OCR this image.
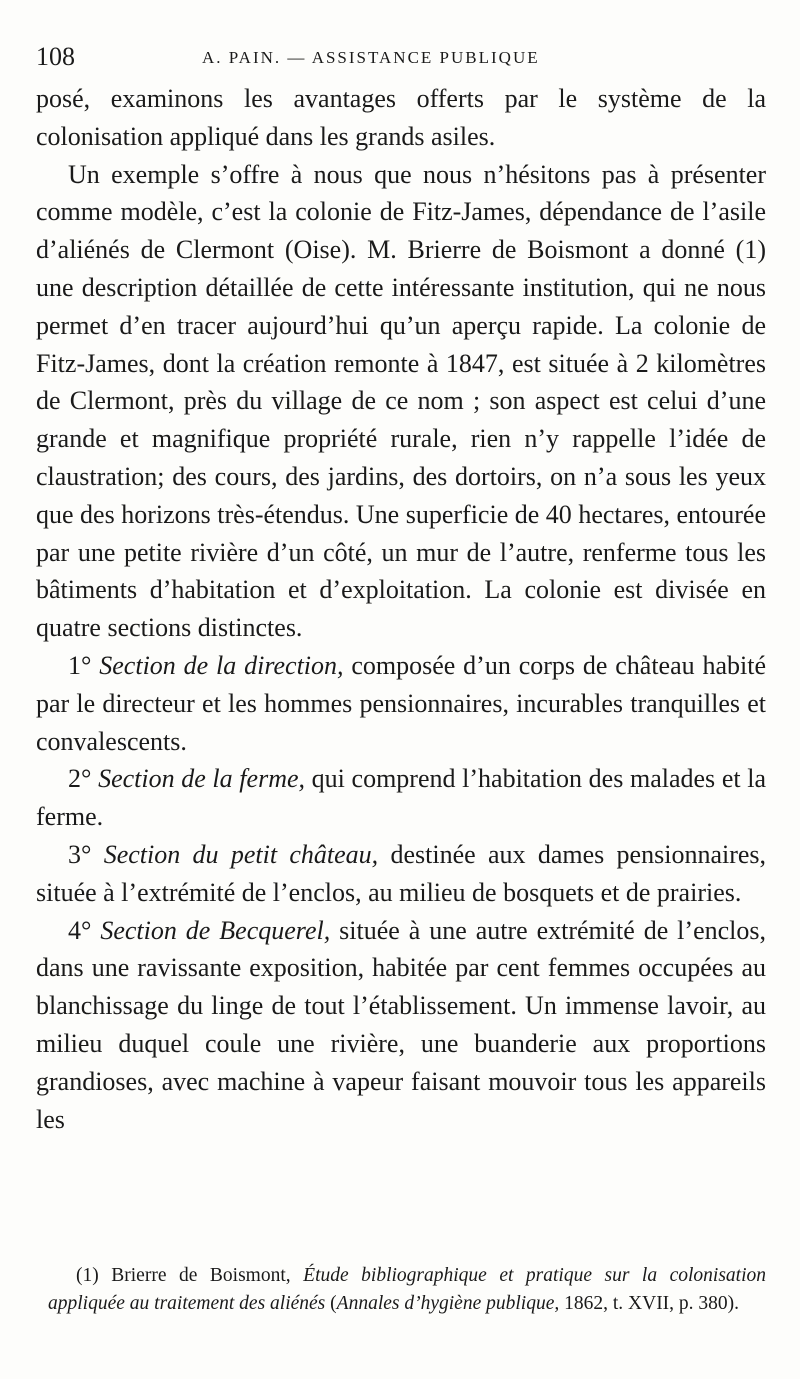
108	A. PAIN. — ASSISTANCE PUBLIQUE

posé, examinons les avantages offerts par le système de la colonisation appliqué dans les grands asiles.

Un exemple s’offre à nous que nous n’hésitons pas à présenter comme modèle, c’est la colonie de Fitz-James, dépendance de l’asile d’aliénés de Clermont (Oise). M. Brierre de Boismont a donné (1) une description détaillée de cette intéressante institution, qui ne nous permet d’en tracer aujourd’hui qu’un aperçu rapide. La colonie de Fitz-James, dont la création remonte à 1847, est située à 2 kilomètres de Clermont, près du village de ce nom ; son aspect est celui d’une grande et magnifique propriété rurale, rien n’y rappelle l’idée de claustration; des cours, des jardins, des dortoirs, on n’a sous les yeux que des horizons très-étendus. Une superficie de 40 hectares, entourée par une petite rivière d’un côté, un mur de l’autre, renferme tous les bâtiments d’habitation et d’exploitation. La colonie est divisée en quatre sections distinctes.

1° Section de la direction, composée d’un corps de château habité par le directeur et les hommes pensionnaires, incurables tranquilles et convalescents.

2° Section de la ferme, qui comprend l’habitation des malades et la ferme.

3° Section du petit château, destinée aux dames pensionnaires, située à l’extrémité de l’enclos, au milieu de bosquets et de prairies.

4° Section de Becquerel, située à une autre extrémité de l’enclos, dans une ravissante exposition, habitée par cent femmes occupées au blanchissage du linge de tout l’établissement. Un immense lavoir, au milieu duquel coule une rivière, une buanderie aux proportions grandioses, avec machine à vapeur faisant mouvoir tous les appareils les

(1) Brierre de Boismont, Étude bibliographique et pratique sur la colonisation appliquée au traitement des aliénés (Annales d’hygiène publique, 1862, t. XVII, p. 380).
